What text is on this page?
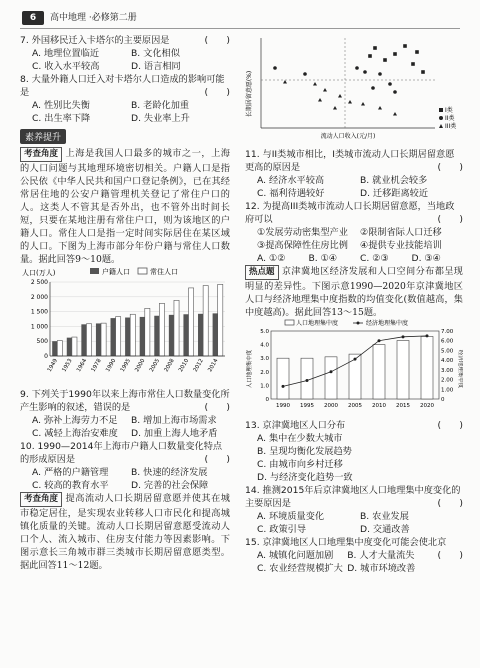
6	高中地理 ·必修第二册

7. 外国移民迁入卡塔尔的主要原因是	(　　)

A. 地理位置临近	B. 文化相似
C. 收入水平较高	D. 语言相同

8. 大量外籍人口迁入对卡塔尔人口造成的影响可能是	(　　)

A. 性别比失衡	B. 老龄化加重
C. 出生率下降	D. 失业率上升
素养提升

考查角度 上海是我国人口最多的城市之一，上海的人口问题与其地理环境密切相关。户籍人口是指公民依《中华人民共和国户口登记条例》，已在其经常居住地的公安户籍管理机关登记了常住户口的人。这类人不管其是否外出，也不管外出时间长短，只要在某地注册有常住户口，则为该地区的户籍人口。常住人口是指一定时间实际居住在某区域的人口。下图为上海市部分年份户籍与常住人口数量。据此回答9～10题。

人口(万人)	户籍人口	常住人口
2 500
2 000
1 500
1 000
500
0
1949 1953 1964 1978 1990 1995 2000 2005 2008 2010 2012 2014

9. 下列关于1990年以来上海市常住人口数量变化所产生影响的叙述，错误的是	(　　)

A. 弥补上海劳力不足	B. 增加上海市场需求
C. 减轻上海治安难度	D. 加重上海人地矛盾

10. 1990—2014年上海市户籍人口数量变化特点的形成原因是	(　　)

A. 严格的户籍管理	B. 快速的经济发展
C. 较高的教育水平	D. 完善的社会保障

考查角度 提高流动人口长期居留意愿并使其在城市稳定居住，是实现农业转移人口市民化和提高城镇化质量的关键。流动人口长期居留意愿受流动人口个人、流入城市、住房支付能力等因素影响。下图示意长三角城市群三类城市长期居留意愿类型。据此回答11～12题。

长期居留意愿(%)
流动人口收入(元/月)
I类
II类
III类

11. 与II类城市相比，I类城市流动人口长期居留意愿更高的原因是	(　　)

A. 经济水平较高	B. 就业机会较多
C. 福利待遇较好	D. 迁移距离较近

12. 为提高III类城市流动人口长期居留意愿，当地政府可以	(　　)

①发展劳动密集型产业	②限制省际人口迁移
③提高保障性住房比例	④提供专业技能培训
A. ①②	B. ①④	C. ②③	D. ③④

热点题 京津冀地区经济发展和人口空间分布都呈现明显的差异性。下图示意1990—2020年京津冀地区人口与经济地理集中度指数的均值变化(数值越高，集中度越高)。据此回答13～15题。

人口地理集中度	经济地理集中度
人口地理集中度	经济地理集中度
5.0
4.0
3.0
2.0
1.0
0
7.00
6.00
5.00
4.00
3.00
2.00
1.00
0
1990 1995 2000 2005 2010 2015 2020

13. 京津冀地区人口分布	(　　)

A. 集中在少数大城市
B. 呈现均衡化发展趋势
C. 由城市向乡村迁移
D. 与经济变化趋势一致

14. 推测2015年后京津冀地区人口地理集中度变化的主要原因是	(　　)

A. 环境质量变化	B. 农业发展
C. 政策引导	D. 交通改善

15. 京津冀地区人口地理集中度变化可能会使北京
(　　)

A. 城镇化问题加剧	B. 人才大量流失
C. 农业经营规模扩大 D. 城市环境改善
